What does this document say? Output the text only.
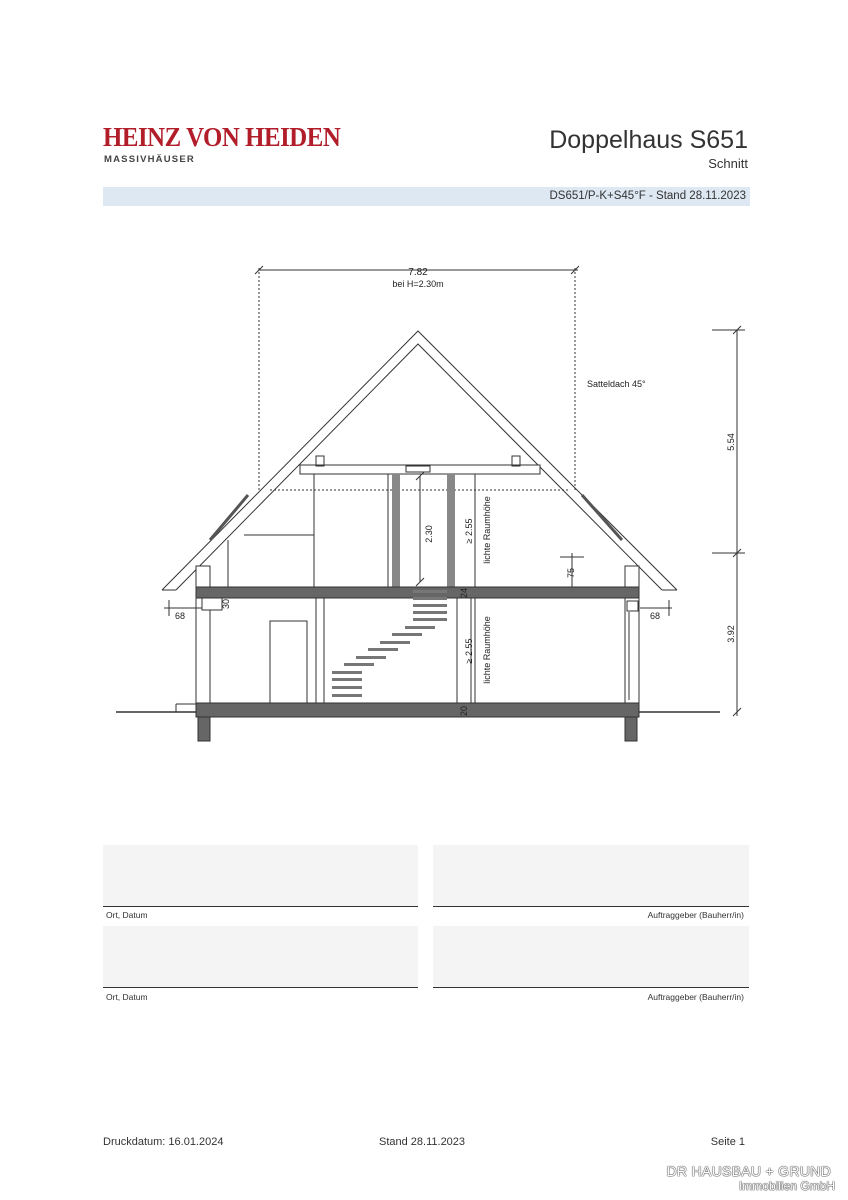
HEINZ VON HEIDEN
MASSIVHÄUSER
Doppelhaus S651
Schnitt
DS651/P-K+S45°F - Stand 28.11.2023
7.82
bei H=2.30m
Satteldach 45°
5.54
3.92
2.30	≥ 2.55 lichte Raumhöhe
≥ 2.55 lichte Raumhöhe
75
24
20
30
68	68
Ort, Datum	Auftraggeber (Bauherr/in)
Ort, Datum	Auftraggeber (Bauherr/in)
Druckdatum: 16.01.2024	Stand 28.11.2023	Seite 1
DR HAUSBAU + GRUND
Immobilien GmbH
